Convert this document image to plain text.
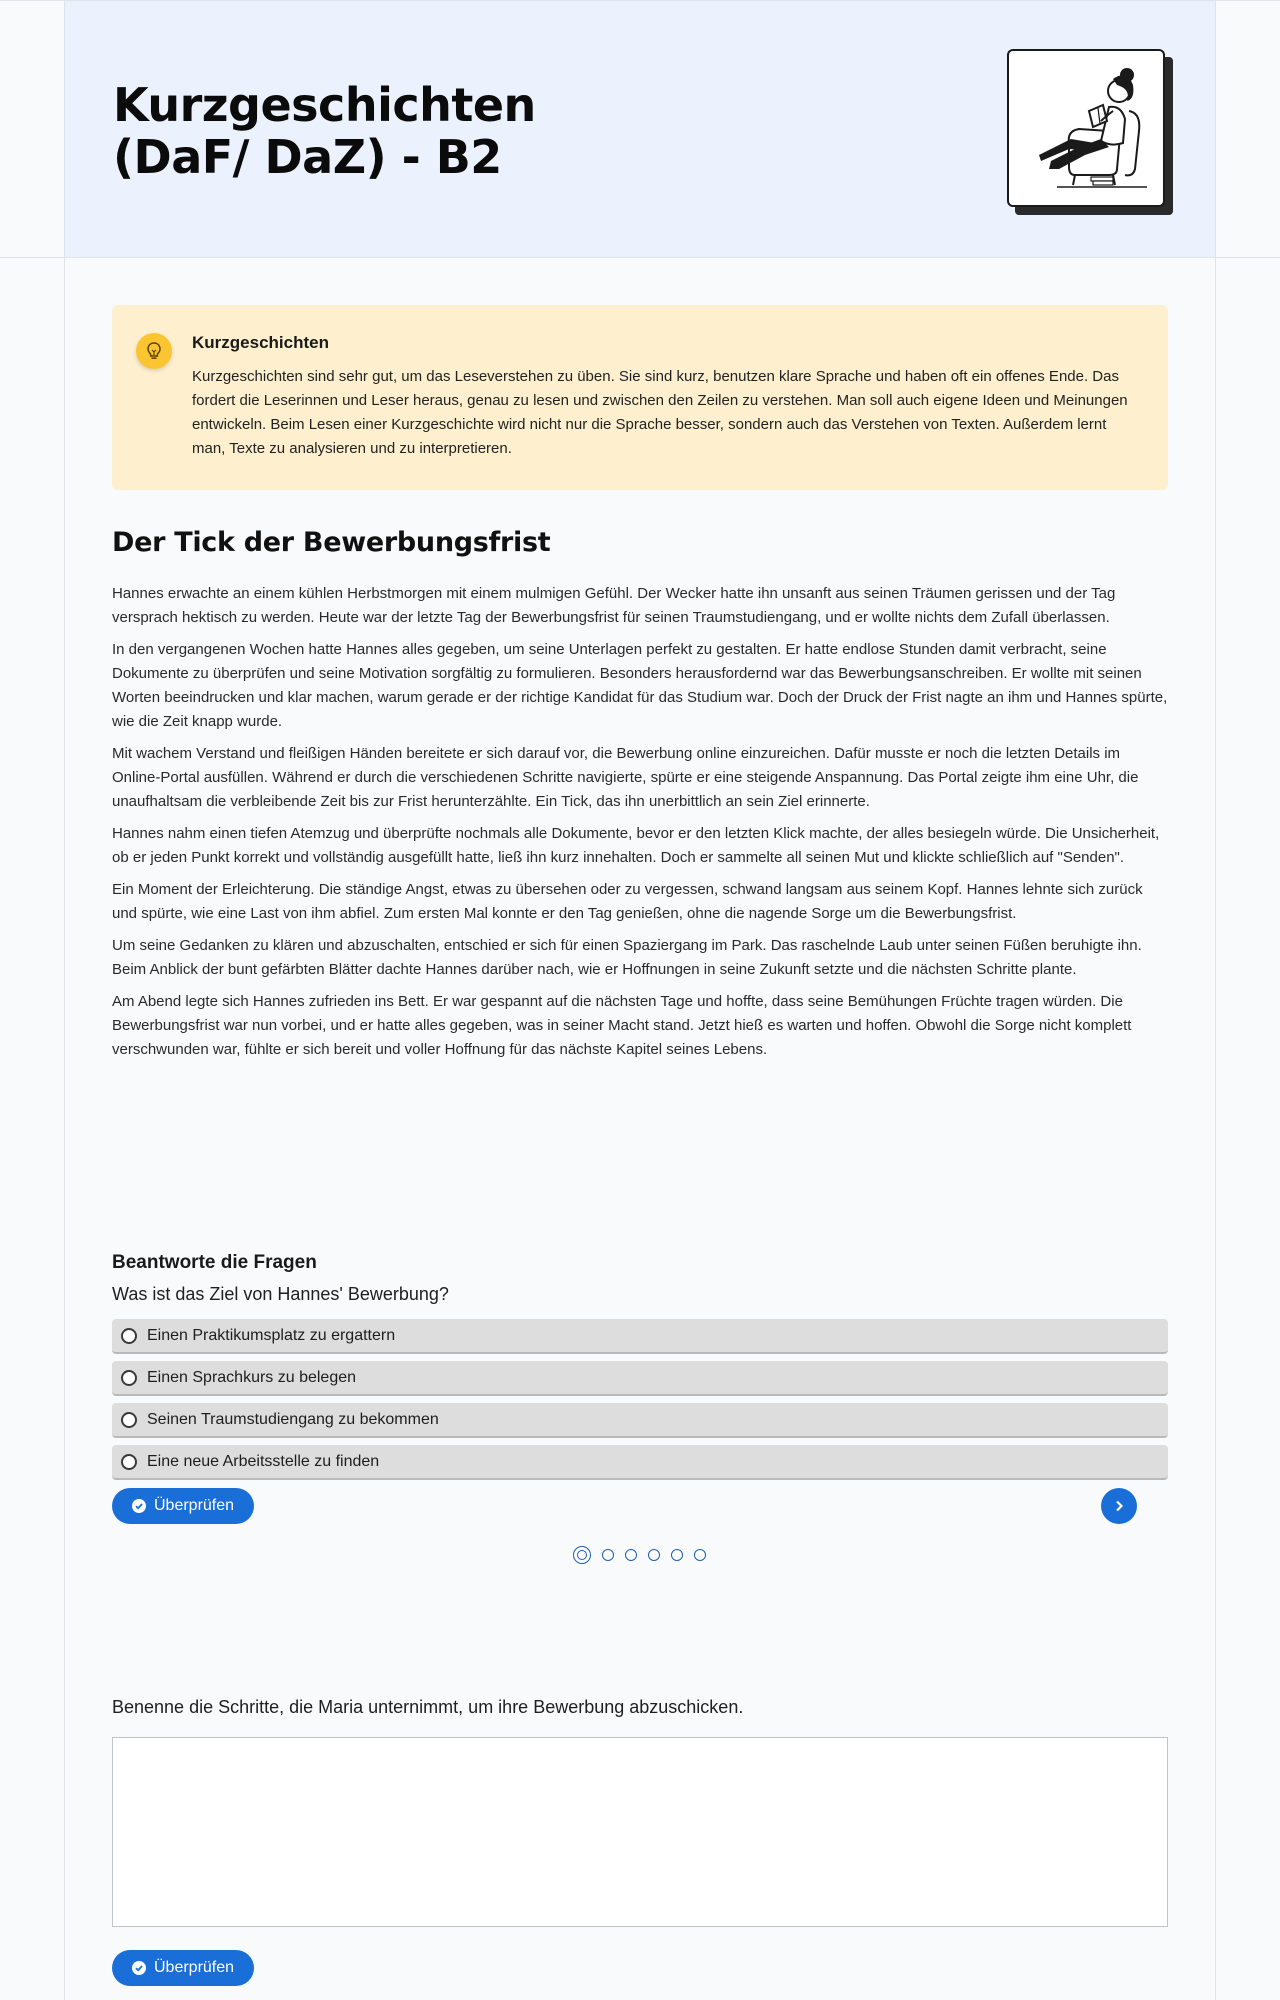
Kurzgeschichten (DaF/ DaZ) - B2
Kurzgeschichten
Kurzgeschichten sind sehr gut, um das Leseverstehen zu üben. Sie sind kurz, benutzen klare Sprache und haben oft ein offenes Ende. Das fordert die Leserinnen und Leser heraus, genau zu lesen und zwischen den Zeilen zu verstehen. Man soll auch eigene Ideen und Meinungen entwickeln. Beim Lesen einer Kurzgeschichte wird nicht nur die Sprache besser, sondern auch das Verstehen von Texten. Außerdem lernt man, Texte zu analysieren und zu interpretieren.
Der Tick der Bewerbungsfrist

Hannes erwachte an einem kühlen Herbstmorgen mit einem mulmigen Gefühl. Der Wecker hatte ihn unsanft aus seinen Träumen gerissen und der Tag versprach hektisch zu werden. Heute war der letzte Tag der Bewerbungsfrist für seinen Traumstudiengang, und er wollte nichts dem Zufall überlassen.

In den vergangenen Wochen hatte Hannes alles gegeben, um seine Unterlagen perfekt zu gestalten. Er hatte endlose Stunden damit verbracht, seine Dokumente zu überprüfen und seine Motivation sorgfältig zu formulieren. Besonders herausfordernd war das Bewerbungsanschreiben. Er wollte mit seinen Worten beeindrucken und klar machen, warum gerade er der richtige Kandidat für das Studium war. Doch der Druck der Frist nagte an ihm und Hannes spürte, wie die Zeit knapp wurde.

Mit wachem Verstand und fleißigen Händen bereitete er sich darauf vor, die Bewerbung online einzureichen. Dafür musste er noch die letzten Details im Online-Portal ausfüllen. Während er durch die verschiedenen Schritte navigierte, spürte er eine steigende Anspannung. Das Portal zeigte ihm eine Uhr, die unaufhaltsam die verbleibende Zeit bis zur Frist herunterzählte. Ein Tick, das ihn unerbittlich an sein Ziel erinnerte.

Hannes nahm einen tiefen Atemzug und überprüfte nochmals alle Dokumente, bevor er den letzten Klick machte, der alles besiegeln würde. Die Unsicherheit, ob er jeden Punkt korrekt und vollständig ausgefüllt hatte, ließ ihn kurz innehalten. Doch er sammelte all seinen Mut und klickte schließlich auf "Senden".

Ein Moment der Erleichterung. Die ständige Angst, etwas zu übersehen oder zu vergessen, schwand langsam aus seinem Kopf. Hannes lehnte sich zurück und spürte, wie eine Last von ihm abfiel. Zum ersten Mal konnte er den Tag genießen, ohne die nagende Sorge um die Bewerbungsfrist.

Um seine Gedanken zu klären und abzuschalten, entschied er sich für einen Spaziergang im Park. Das raschelnde Laub unter seinen Füßen beruhigte ihn. Beim Anblick der bunt gefärbten Blätter dachte Hannes darüber nach, wie er Hoffnungen in seine Zukunft setzte und die nächsten Schritte plante.

Am Abend legte sich Hannes zufrieden ins Bett. Er war gespannt auf die nächsten Tage und hoffte, dass seine Bemühungen Früchte tragen würden. Die Bewerbungsfrist war nun vorbei, und er hatte alles gegeben, was in seiner Macht stand. Jetzt hieß es warten und hoffen. Obwohl die Sorge nicht komplett verschwunden war, fühlte er sich bereit und voller Hoffnung für das nächste Kapitel seines Lebens.

Beantworte die Fragen
Was ist das Ziel von Hannes' Bewerbung?
Einen Praktikumsplatz zu ergattern
Einen Sprachkurs zu belegen
Seinen Traumstudiengang zu bekommen
Eine neue Arbeitsstelle zu finden
Überprüfen
Benenne die Schritte, die Maria unternimmt, um ihre Bewerbung abzuschicken.
Überprüfen
